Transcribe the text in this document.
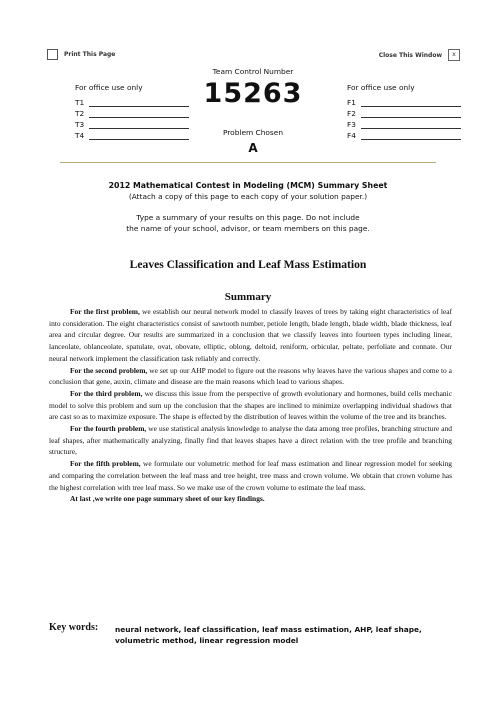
Print This Page	Close This Window	x
For office use only
T1
T2
T3
T4
For office use only
F1
F2
F3
F4
Team Control Number
15263
Problem Chosen
A
2012 Mathematical Contest in Modeling (MCM) Summary Sheet
(Attach a copy of this page to each copy of your solution paper.)
Type a summary of your results on this page. Do not include
the name of your school, advisor, or team members on this page.
Leaves Classification and Leaf Mass Estimation
Summary

For the first problem, we establish our neural network model to classify leaves of trees by taking eight characteristics of leaf into consideration. The eight characteristics consist of sawtooth number, petiole length, blade length, blade width, blade thickness, leaf area and circular degree. Our results are summarized in a conclusion that we classify leaves into fourteen types including linear, lanceolate, oblanceolate, spatulate, ovat, obovate, elliptic, oblong, deltoid, reniform, orbicular, peltate, perfoliate and connate. Our neural network implement the classification task reliably and correctly.

For the second problem, we set up our AHP model to figure out the reasons why leaves have the various shapes and come to a conclusion that gene, auxin, climate and disease are the main reasons which lead to various shapes.

For the third problem, we discuss this issue from the perspective of growth evolutionary and hormones, build cells mechanic model to solve this problem and sum up the conclusion that the shapes are inclined to minimize overlapping individual shadows that are cast so as to maximize exposure. The shape is effected by the distribution of leaves within the volume of the tree and its branches.

For the fourth problem, we use statistical analysis knowledge to analyse the data among tree profiles, branching structure and leaf shapes, after mathematically analyzing, finally find that leaves shapes have a direct relation with the tree profile and branching structure,

For the fifth problem, we formulate our volumetric method for leaf mass estimation and linear regression model for seeking and comparing the correlation between the leaf mass and tree height, tree mass and crown volume. We obtain that crown volume has the highest correlation with tree leaf mass. So we make use of the crown volume to estimate the leaf mass.

At last ,we write one page summary sheet of our key findings.

Key words:	neural network, leaf classification, leaf mass estimation, AHP, leaf shape, volumetric method, linear regression model
